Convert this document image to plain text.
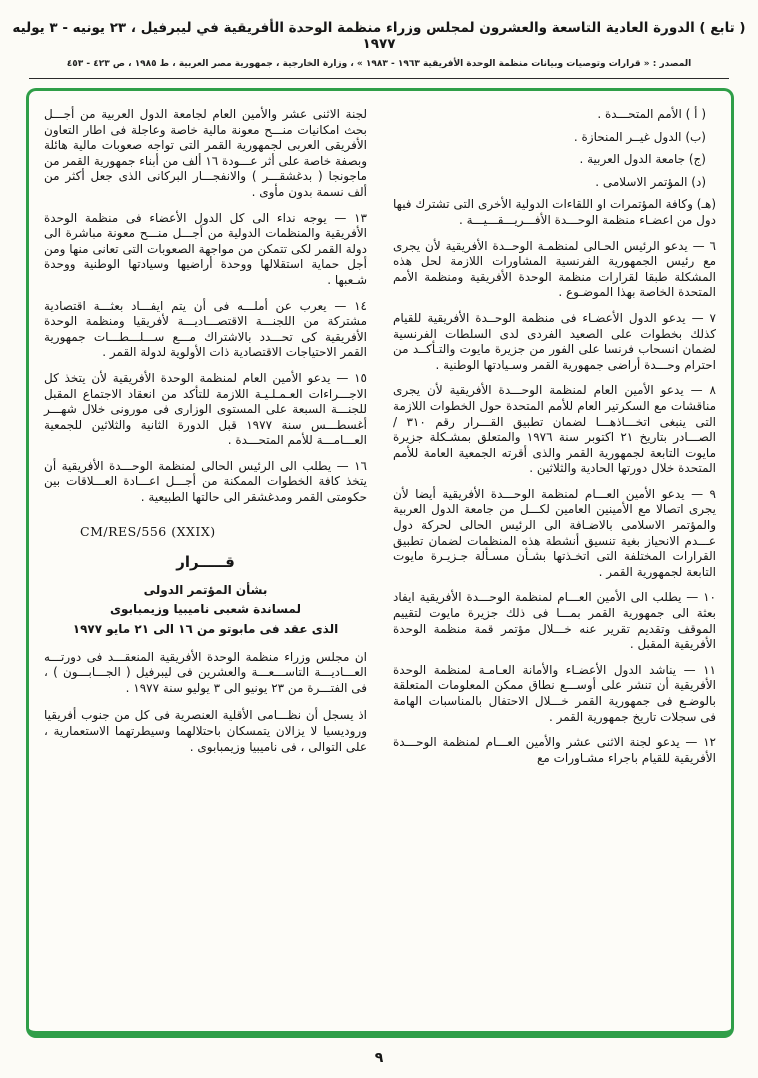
( تابع ) الدورة العادية التاسعة والعشرون لمجلس وزراء منظمة الوحدة الأفريقية في ليبرفيل ، ٢٣ يونيه - ٣ يوليه ١٩٧٧
المصدر : « قرارات وتوصيات وبيانات منظمة الوحدة الأفريقية ١٩٦٣ - ١٩٨٣ » ، وزارة الخارجية ، جمهورية مصر العربية ، ط ١٩٨٥ ، ص ٤٢٣ - ٤٥٣
( أ ) الأمم المتحـــدة .
(ب) الدول غيــر المنحازة .
(ج) جامعة الدول العربية .
(د) المؤتمر الاسلامى .
(هـ) وكافة المؤتمرات او اللقاءات الدولية الأخرى التى تشترك فيها دول من اعضـاء منظمة الوحـــدة الأفـــريـــقـــيـــة .
٦ — يدعو الرئيس الحـالى لمنظمـة الوحــدة الأفريقية لأن يجرى مع رئيس الجمهورية الفرنسية المشاورات اللازمة لحل هذه المشكلة طبقا لقرارات منظمة الوحدة الأفريقية ومنظمة الأمم المتحدة الخاصة بهذا الموضـوع .
٧ — يدعو الدول الأعضـاء فى منظمة الوحــدة الأفريقية للقيام كذلك بخطوات على الصعيد الفردى لدى السلطات الفرنسية لضمان انسحاب فرنسا على الفور من جزيرة مايوت والتـأكــد من احترام وحـــدة أراضى جمهورية القمر وسـيادتها الوطنية .
٨ — يدعو الأمين العام لمنظمة الوحـــدة الأفريقية لأن يجرى مناقشات مع السكرتير العام للأمم المتحدة حول الخطوات اللازمة التى ينبغى اتخـــاذهـــا لضمان تطبيق القـــرار رقم ٣١٠ / الصـــادر بتاريخ ٢١ اكتوبر سنة ١٩٧٦ والمتعلق بمشـكلة جزيرة مايوت التابعة لجمهورية القمر والذى أقرته الجمعية العامة للأمم المتحدة خلال دورتها الحادية والثلاثين .
٩ — يدعو الأمين العـــام لمنظمة الوحـــدة الأفريقية أيضا لأن يجرى اتصالا مع الأمينين العامين لكـــل من جامعة الدول العربية والمؤتمر الاسلامى بالاضـافة الى الرئيس الحالى لحركة دول عـــدم الانحياز بغية تنسيق أنشطة هذه المنظمات لضمان تطبيق القرارات المختلفة التى اتخـذتها بشـأن مسـألة جـزيـرة مايوت التابعة لجمهورية القمر .
١٠ — يطلب الى الأمين العـــام لمنظمة الوحـــدة الأفريقية ايفاد بعثة الى جمهورية القمر بمـــا فى ذلك جزيرة مايوت لتقييم الموقف وتقديم تقرير عنه خـــلال مؤتمر قمة منظمة الوحدة الأفريقية المقبل .
١١ — يناشد الدول الأعضـاء والأمانة العـامـة لمنظمة الوحدة الأفريقية أن تنشر على أوســـع نطاق ممكن المعلومات المتعلقة بالوضـع فى جمهورية القمر خـــلال الاحتفال بالمناسبات الهامة فى سجلات تاريخ جمهورية القمر .
١٢ — يدعو لجنة الاثنى عشر والأمين العـــام لمنظمة الوحـــدة الأفريقية للقيام باجراء مشـاورات مع
لجنة الاثنى عشر والأمين العام لجامعة الدول العربية من أجـــل بحث امكانيات منـــح معونة مالية خاصة وعاجلة فى اطار التعاون الأفريقى العربى لجمهورية القمر التى تواجه صعوبات مالية هائلة وبصفة خاصة على أثر عـــودة ١٦ ألف من أبناء جمهورية القمر من ماجونجا ( بدغشقـــر ) والانفجـــار البركانى الذى جعل أكثر من ألف نسمة بدون مأوى .
١٣ — يوجه نداء الى كل الدول الأعضاء فى منظمة الوحدة الأفريقية والمنظمات الدولية من أجـــل منـــح معونة مباشرة الى دولة القمر لكى تتمكن من مواجهة الصعوبات التى تعانى منها ومن أجل حماية استقلالها ووحدة أراضيها وسيادتها الوطنية ووحدة شـعبها .
١٤ — يعرب عن أملـــه فى أن يتم ايفـــاد بعثـــة اقتصادية مشتركة من اللجنـــة الاقتصـــاديـــة لأفريقيا ومنظمة الوحدة الأفريقية كى تحـــدد بالاشتراك مـــع ســـلـــطـــات جمهورية القمر الاحتياجات الاقتصادية ذات الأولوية لدولة القمر .
١٥ — يدعو الأمين العام لمنظمة الوحدة الأفريقية لأن يتخذ كل الاجـــراءات العـمـلـيـة اللازمة للتأكد من انعقاد الاجتماع المقبل للجنـــة السبعة على المستوى الوزارى فى مورونى خلال شهـــر أغسطـــس سنة ١٩٧٧ قبل الدورة الثانية والثلاثين للجمعية العـــامـــة للأمم المتحـــدة .
١٦ — يطلب الى الرئيس الحالى لمنظمة الوحـــدة الأفريقية أن يتخذ كافة الخطوات الممكنة من أجـــل اعـــادة العـــلاقات بين حكومتى القمر ومدغشقر الى حالتها الطبيعية .
CM/RES/556 (XXIX)
قـــــرار
بشأن المؤتمر الدولى
لمساندة شعبى ناميبيا وزيمبابوى
الذى عقد فى مابوتو من ١٦ الى ٢١ مايو ١٩٧٧
ان مجلس وزراء منظمة الوحدة الأفريقية المنعقـــد فى دورتـــه العـــاديـــة التاســـعـــة والعشرين فى ليبرفيل ( الجـــابـــون ) ، فى الفتـــرة من ٢٣ يونيو الى ٣ يوليو سنة ١٩٧٧ .
اذ يسجل أن نظـــامى الأقلية العنصرية فى كل من جنوب أفريقيا وروديسيا لا يزالان يتمسكان باحتلالهما وسيطرتهما الاستعمارية ، على التوالى ، فى ناميبيا وزيمبابوى .
٩
